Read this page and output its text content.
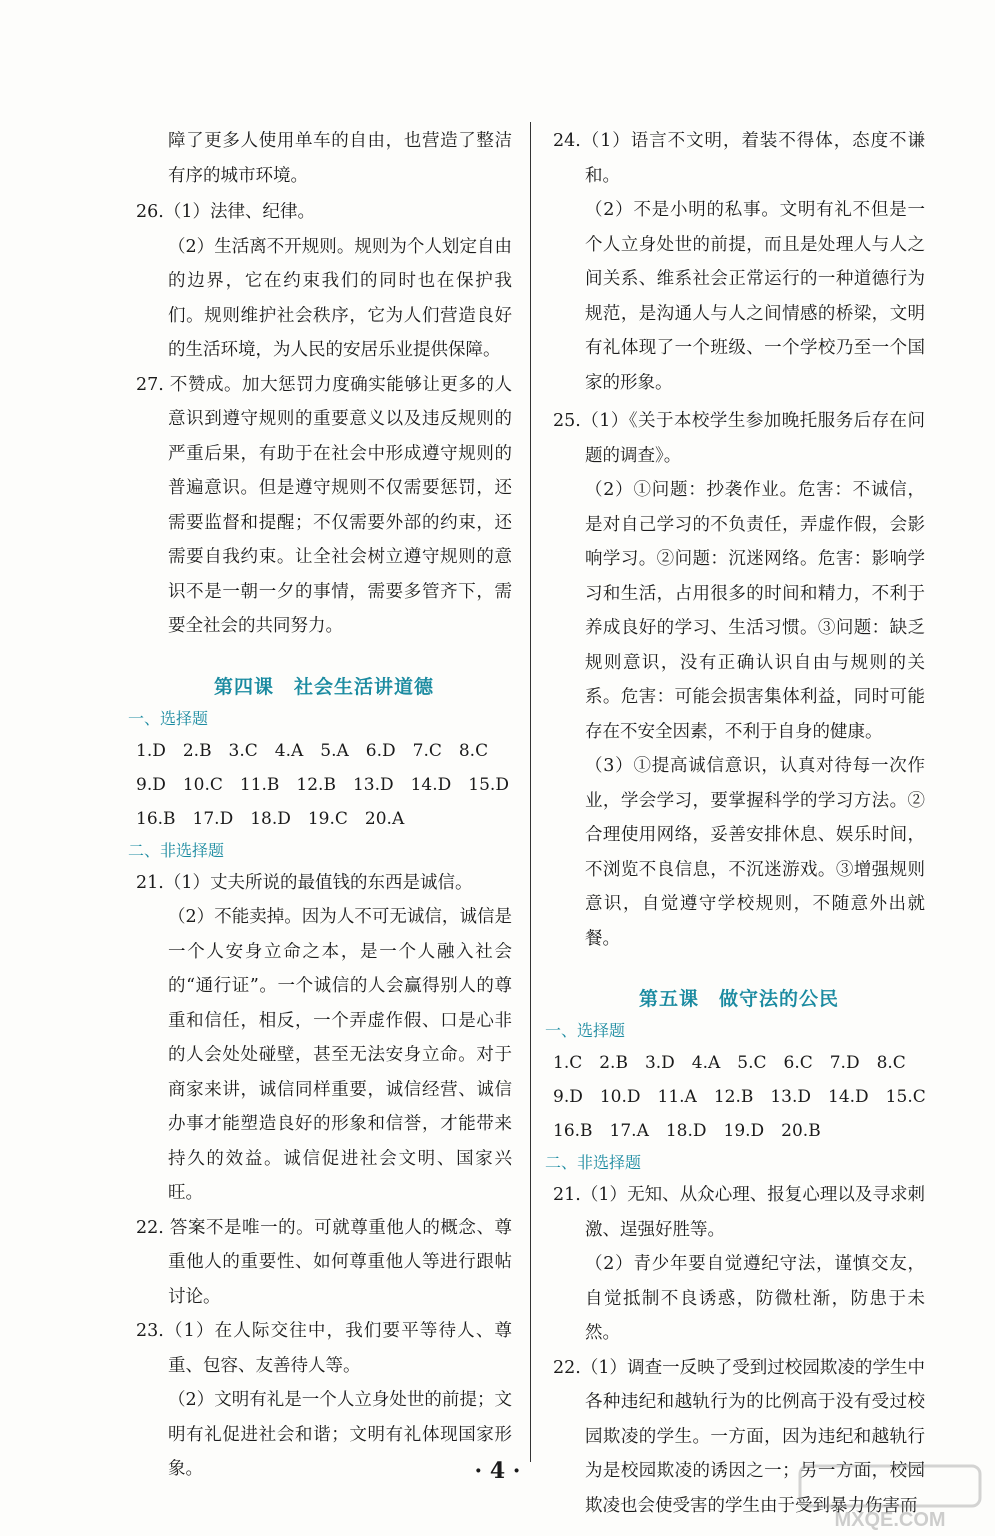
障了更多人使用单车的自由，也营造了整洁有序的城市环境。

26.（1）法律、纪律。

（2）生活离不开规则。规则为个人划定自由的边界，它在约束我们的同时也在保护我们。规则维护社会秩序，它为人们营造良好的生活环境，为人民的安居乐业提供保障。

27. 不赞成。加大惩罚力度确实能够让更多的人意识到遵守规则的重要意义以及违反规则的严重后果，有助于在社会中形成遵守规则的普遍意识。但是遵守规则不仅需要惩罚，还需要监督和提醒；不仅需要外部的约束，还需要自我约束。让全社会树立遵守规则的意识不是一朝一夕的事情，需要多管齐下，需要全社会的共同努力。

第四课　社会生活讲道德

一、选择题

1.D　2.B　3.C　4.A　5.A　6.D　7.C　8.C

9.D　10.C　11.B　12.B　13.D　14.D　15.D

16.B　17.D　18.D　19.C　20.A

二、非选择题

21.（1）丈夫所说的最值钱的东西是诚信。

（2）不能卖掉。因为人不可无诚信，诚信是一个人安身立命之本，是一个人融入社会的“通行证”。一个诚信的人会赢得别人的尊重和信任，相反，一个弄虚作假、口是心非的人会处处碰壁，甚至无法安身立命。对于商家来讲，诚信同样重要，诚信经营、诚信办事才能塑造良好的形象和信誉，才能带来持久的效益。诚信促进社会文明、国家兴旺。

22. 答案不是唯一的。可就尊重他人的概念、尊重他人的重要性、如何尊重他人等进行跟帖讨论。

23.（1）在人际交往中，我们要平等待人、尊重、包容、友善待人等。

（2）文明有礼是一个人立身处世的前提；文明有礼促进社会和谐；文明有礼体现国家形象。

24.（1）语言不文明，着装不得体，态度不谦和。

（2）不是小明的私事。文明有礼不但是一个人立身处世的前提，而且是处理人与人之间关系、维系社会正常运行的一种道德行为规范，是沟通人与人之间情感的桥梁，文明有礼体现了一个班级、一个学校乃至一个国家的形象。

25.（1）《关于本校学生参加晚托服务后存在问题的调查》。

（2）①问题：抄袭作业。危害：不诚信，是对自己学习的不负责任，弄虚作假，会影响学习。②问题：沉迷网络。危害：影响学习和生活，占用很多的时间和精力，不利于养成良好的学习、生活习惯。③问题：缺乏规则意识，没有正确认识自由与规则的关系。危害：可能会损害集体利益，同时可能存在不安全因素，不利于自身的健康。

（3）①提高诚信意识，认真对待每一次作业，学会学习，要掌握科学的学习方法。②合理使用网络，妥善安排休息、娱乐时间，不浏览不良信息，不沉迷游戏。③增强规则意识，自觉遵守学校规则，不随意外出就餐。

第五课　做守法的公民

一、选择题

1.C　2.B　3.D　4.A　5.C　6.C　7.D　8.C

9.D　10.D　11.A　12.B　13.D　14.D　15.C

16.B　17.A　18.D　19.D　20.B

二、非选择题

21.（1）无知、从众心理、报复心理以及寻求刺激、逞强好胜等。

（2）青少年要自觉遵纪守法，谨慎交友，自觉抵制不良诱惑，防微杜渐，防患于未然。

22.（1）调查一反映了受到过校园欺凌的学生中各种违纪和越轨行为的比例高于没有受过校园欺凌的学生。一方面，因为违纪和越轨行为是校园欺凌的诱因之一；另一方面，校园欺凌也会使受害的学生由于受到暴力伤害而

· 4 ·
MXQE.COM
